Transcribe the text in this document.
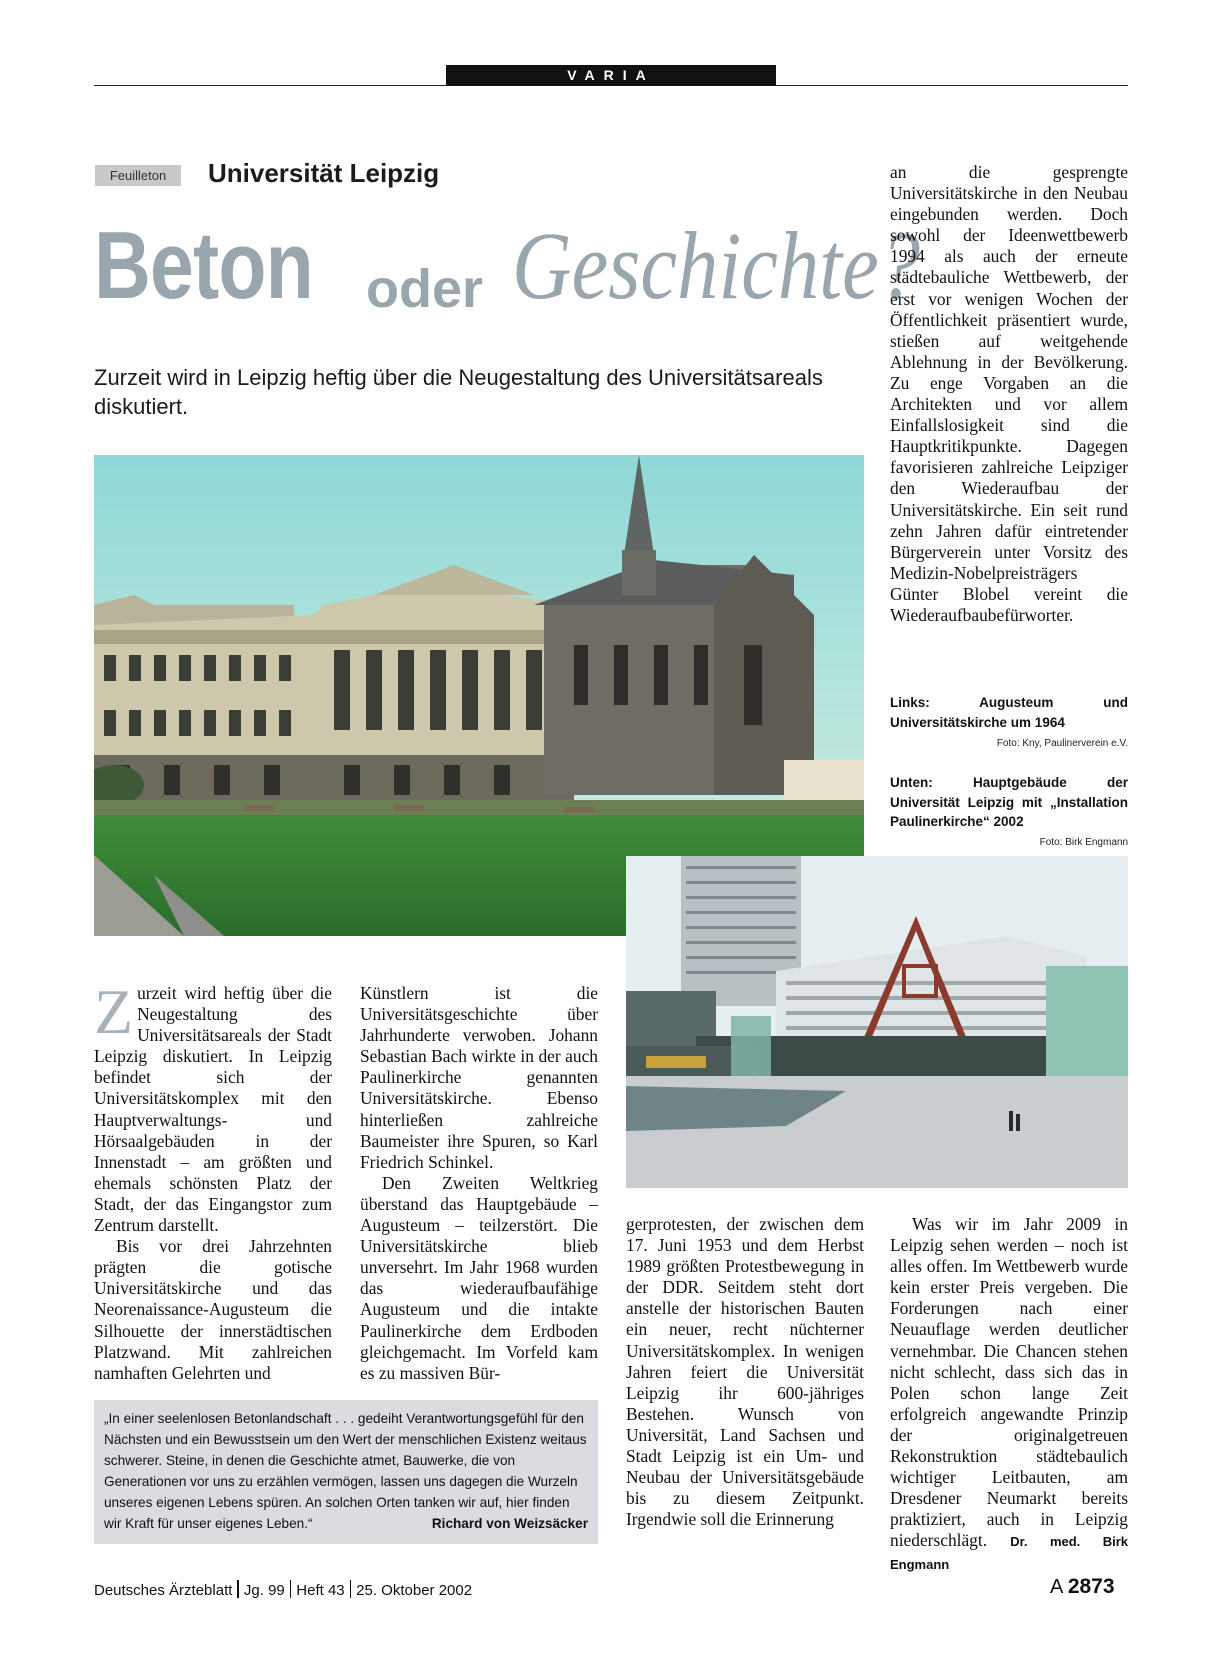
VARIA
Feuilleton	Universität Leipzig
Beton oder Geschichte?
Zurzeit wird in Leipzig heftig über die Neugestaltung des Universitätsareals diskutiert.

an die gesprengte Universitätskirche in den Neubau eingebunden werden. Doch sowohl der Ideenwettbewerb 1994 als auch der erneute städtebauliche Wettbewerb, der erst vor wenigen Wochen der Öffentlichkeit präsentiert wurde, stießen auf weitgehende Ablehnung in der Bevölkerung. Zu enge Vorgaben an die Architekten und vor allem Einfallslosigkeit sind die Hauptkritikpunkte. Dagegen favorisieren zahlreiche Leipziger den Wiederaufbau der Universitätskirche. Ein seit rund zehn Jahren dafür eintretender Bürgerverein unter Vorsitz des Medizin-Nobelpreisträgers Günter Blobel vereint die Wiederaufbaubefürworter.

Links: Augusteum und Universitätskirche um 1964
Foto: Kny, Paulinerverein e.V.
Unten: Hauptgebäude der Universität Leipzig mit „Installation Paulinerkirche“ 2002
Foto: Birk Engmann

Zurzeit wird heftig über die Neugestaltung des Universitätsareals der Stadt Leipzig diskutiert. In Leipzig befindet sich der Universitätskomplex mit den Hauptverwaltungs- und Hörsaalgebäuden in der Innenstadt – am größten und ehemals schönsten Platz der Stadt, der das Eingangstor zum Zentrum darstellt.

Bis vor drei Jahrzehnten prägten die gotische Universitätskirche und das Neorenaissance-Augusteum die Silhouette der innerstädtischen Platzwand. Mit zahlreichen namhaften Gelehrten und

Künstlern ist die Universitätsgeschichte über Jahrhunderte verwoben. Johann Sebastian Bach wirkte in der auch Paulinerkirche genannten Universitätskirche. Ebenso hinterließen zahlreiche Baumeister ihre Spuren, so Karl Friedrich Schinkel.

Den Zweiten Weltkrieg überstand das Hauptgebäude – Augusteum – teilzerstört. Die Universitätskirche blieb unversehrt. Im Jahr 1968 wurden das wiederaufbaufähige Augusteum und die intakte Paulinerkirche dem Erdboden gleichgemacht. Im Vorfeld kam es zu massiven Bür-

gerprotesten, der zwischen dem 17. Juni 1953 und dem Herbst 1989 größten Protestbewegung in der DDR. Seitdem steht dort anstelle der historischen Bauten ein neuer, recht nüchterner Universitätskomplex. In wenigen Jahren feiert die Universität Leipzig ihr 600-jähriges Bestehen. Wunsch von Universität, Land Sachsen und Stadt Leipzig ist ein Um- und Neubau der Universitätsgebäude bis zu diesem Zeitpunkt. Irgendwie soll die Erinnerung

Was wir im Jahr 2009 in Leipzig sehen werden – noch ist alles offen. Im Wettbewerb wurde kein erster Preis vergeben. Die Forderungen nach einer Neuauflage werden deutlicher vernehmbar. Die Chancen stehen nicht schlecht, dass sich das in Polen schon lange Zeit erfolgreich angewandte Prinzip der originalgetreuen Rekonstruktion städtebaulich wichtiger Leitbauten, am Dresdener Neumarkt bereits praktiziert, auch in Leipzig niederschlägt. Dr. med. Birk Engmann

„In einer seelenlosen Betonlandschaft . . . gedeiht Verantwortungsgefühl für den Nächsten und ein Bewusstsein um den Wert der menschlichen Existenz weitaus schwerer. Steine, in denen die Geschichte atmet, Bauwerke, die von Generationen vor uns zu erzählen vermögen, lassen uns dagegen die Wurzeln unseres eigenen Lebens spüren. An solchen Orten tanken wir auf, hier finden wir Kraft für unser eigenes Leben.“	Richard von Weizsäcker
Deutsches Ärzteblatt Jg. 99 Heft 43 25. Oktober 2002	A 2873
